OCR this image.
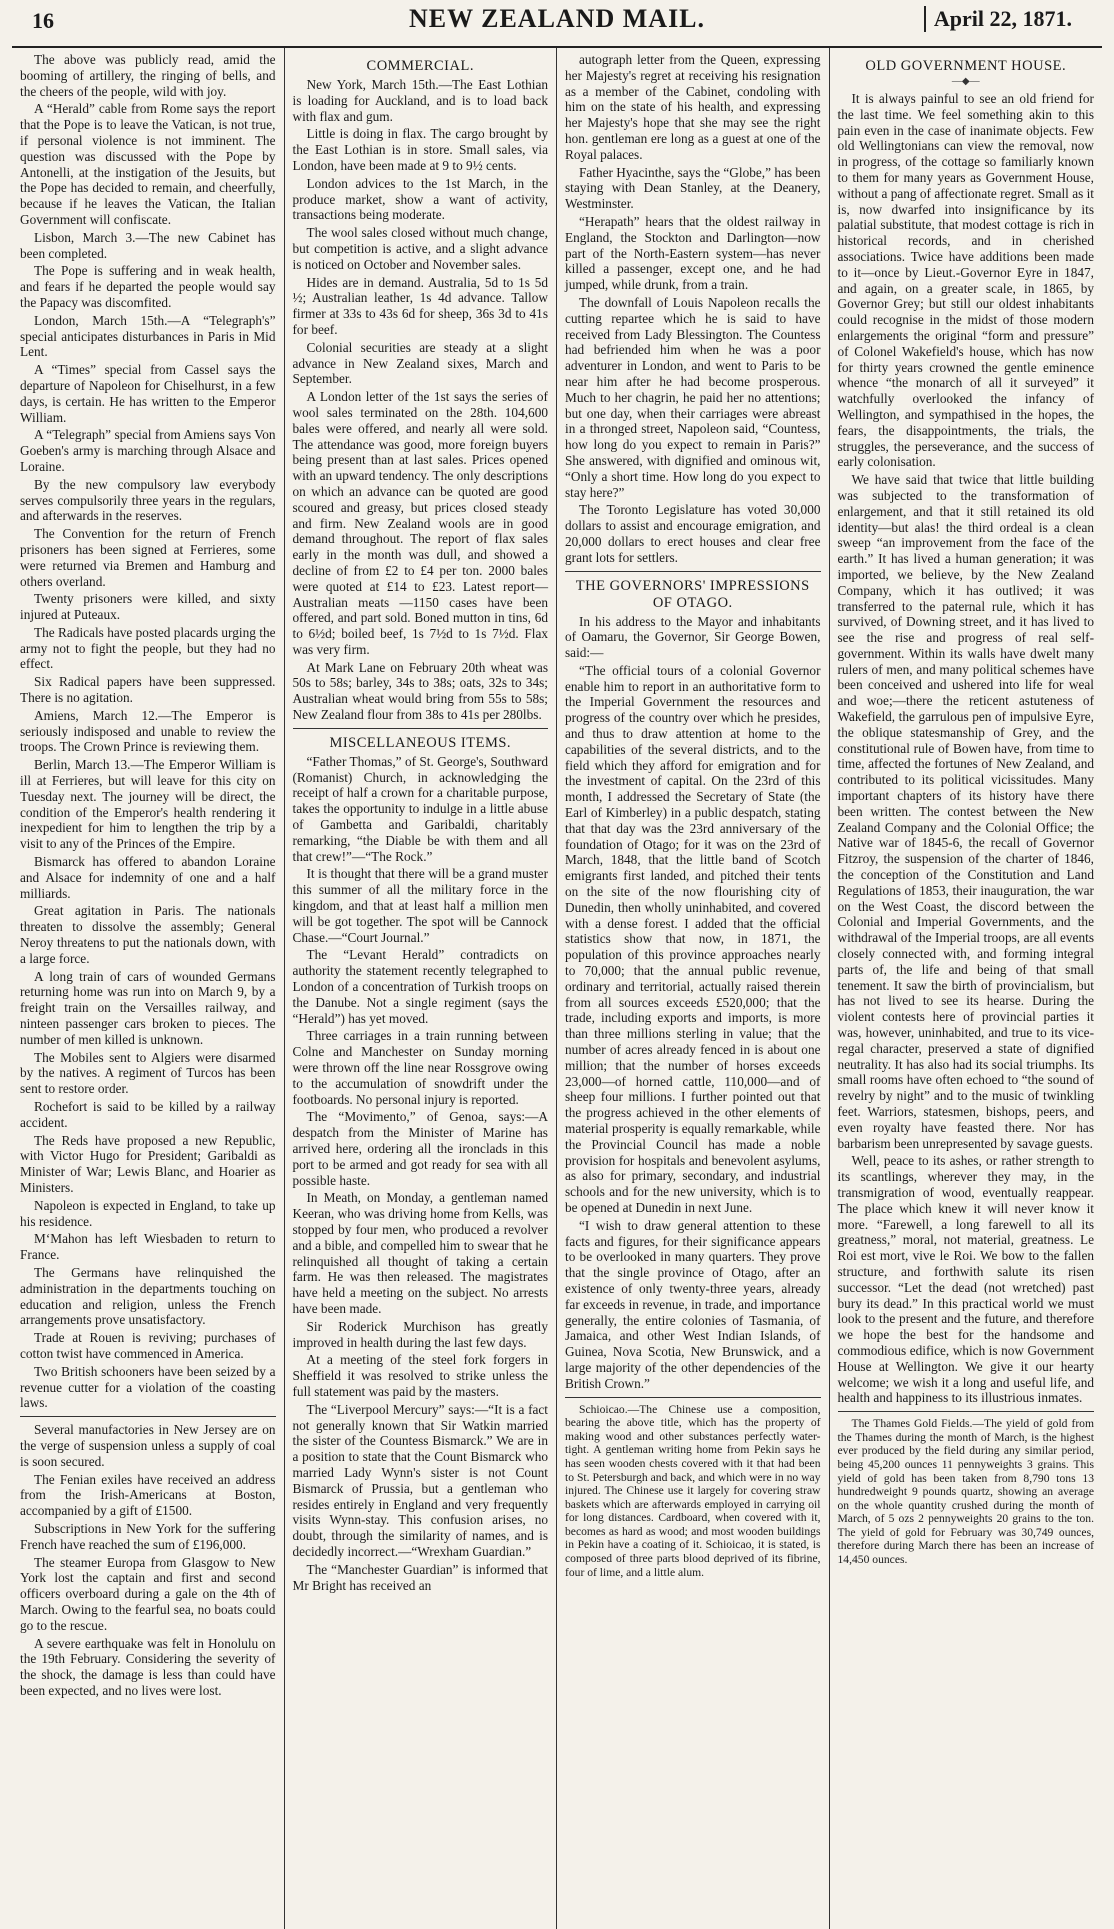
16	NEW ZEALAND MAIL.	April 22, 1871.

The above was publicly read, amid the booming of artillery, the ringing of bells, and the cheers of the people, wild with joy.

A “Herald” cable from Rome says the report that the Pope is to leave the Vatican, is not true, if personal violence is not imminent. The question was discussed with the Pope by Antonelli, at the instigation of the Jesuits, but the Pope has decided to remain, and cheerfully, because if he leaves the Vatican, the Italian Government will confiscate.

Lisbon, March 3.—The new Cabinet has been completed.

The Pope is suffering and in weak health, and fears if he departed the people would say the Papacy was discomfited.

London, March 15th.—A “Telegraph's” special anticipates disturbances in Paris in Mid Lent.

A “Times” special from Cassel says the departure of Napoleon for Chiselhurst, in a few days, is certain. He has written to the Emperor William.

A “Telegraph” special from Amiens says Von Goeben's army is marching through Alsace and Loraine.

By the new compulsory law everybody serves compulsorily three years in the regulars, and afterwards in the reserves.

The Convention for the return of French prisoners has been signed at Ferrieres, some were returned via Bremen and Hamburg and others overland.

Twenty prisoners were killed, and sixty injured at Puteaux.

The Radicals have posted placards urging the army not to fight the people, but they had no effect.

Six Radical papers have been suppressed. There is no agitation.

Amiens, March 12.—The Emperor is seriously indisposed and unable to review the troops. The Crown Prince is reviewing them.

Berlin, March 13.—The Emperor William is ill at Ferrieres, but will leave for this city on Tuesday next. The journey will be direct, the condition of the Emperor's health rendering it inexpedient for him to lengthen the trip by a visit to any of the Princes of the Empire.

Bismarck has offered to abandon Loraine and Alsace for indemnity of one and a half milliards.

Great agitation in Paris. The nationals threaten to dissolve the assembly; General Neroy threatens to put the nationals down, with a large force.

A long train of cars of wounded Germans returning home was run into on March 9, by a freight train on the Versailles railway, and ninteen passenger cars broken to pieces. The number of men killed is unknown.

The Mobiles sent to Algiers were disarmed by the natives. A regiment of Turcos has been sent to restore order.

Rochefort is said to be killed by a railway accident.

The Reds have proposed a new Republic, with Victor Hugo for President; Garibaldi as Minister of War; Lewis Blanc, and Hoarier as Ministers.

Napoleon is expected in England, to take up his residence.

M‘Mahon has left Wiesbaden to return to France.

The Germans have relinquished the administration in the departments touching on education and religion, unless the French arrangements prove unsatisfactory.

Trade at Rouen is reviving; purchases of cotton twist have commenced in America.

Two British schooners have been seized by a revenue cutter for a violation of the coasting laws.

Several manufactories in New Jersey are on the verge of suspension unless a supply of coal is soon secured.

The Fenian exiles have received an address from the Irish-Americans at Boston, accompanied by a gift of £1500.

Subscriptions in New York for the suffering French have reached the sum of £196,000.

The steamer Europa from Glasgow to New York lost the captain and first and second officers overboard during a gale on the 4th of March. Owing to the fearful sea, no boats could go to the rescue.

A severe earthquake was felt in Honolulu on the 19th February. Considering the severity of the shock, the damage is less than could have been expected, and no lives were lost.

COMMERCIAL.

New York, March 15th.—The East Lothian is loading for Auckland, and is to load back with flax and gum.

Little is doing in flax. The cargo brought by the East Lothian is in store. Small sales, via London, have been made at 9 to 9½ cents.

London advices to the 1st March, in the produce market, show a want of activity, transactions being moderate.

The wool sales closed without much change, but competition is active, and a slight advance is noticed on October and November sales.

Hides are in demand. Australia, 5d to 1s 5d ½; Australian leather, 1s 4d advance. Tallow firmer at 33s to 43s 6d for sheep, 36s 3d to 41s for beef.

Colonial securities are steady at a slight advance in New Zealand sixes, March and September.

A London letter of the 1st says the series of wool sales terminated on the 28th. 104,600 bales were offered, and nearly all were sold. The attendance was good, more foreign buyers being present than at last sales. Prices opened with an upward tendency. The only descriptions on which an advance can be quoted are good scoured and greasy, but prices closed steady and firm. New Zealand wools are in good demand throughout. The report of flax sales early in the month was dull, and showed a decline of from £2 to £4 per ton. 2000 bales were quoted at £14 to £23. Latest report—Australian meats —1150 cases have been offered, and part sold. Boned mutton in tins, 6d to 6½d; boiled beef, 1s 7½d to 1s 7½d. Flax was very firm.

At Mark Lane on February 20th wheat was 50s to 58s; barley, 34s to 38s; oats, 32s to 34s; Australian wheat would bring from 55s to 58s; New Zealand flour from 38s to 41s per 280lbs.

MISCELLANEOUS ITEMS.

“Father Thomas,” of St. George's, Southward (Romanist) Church, in acknowledging the receipt of half a crown for a charitable purpose, takes the opportunity to indulge in a little abuse of Gambetta and Garibaldi, charitably remarking, “the Diable be with them and all that crew!”—“The Rock.”

It is thought that there will be a grand muster this summer of all the military force in the kingdom, and that at least half a million men will be got together. The spot will be Cannock Chase.—“Court Journal.”

The “Levant Herald” contradicts on authority the statement recently telegraphed to London of a concentration of Turkish troops on the Danube. Not a single regiment (says the “Herald”) has yet moved.

Three carriages in a train running between Colne and Manchester on Sunday morning were thrown off the line near Rossgrove owing to the accumulation of snowdrift under the footboards. No personal injury is reported.

The “Movimento,” of Genoa, says:—A despatch from the Minister of Marine has arrived here, ordering all the ironclads in this port to be armed and got ready for sea with all possible haste.

In Meath, on Monday, a gentleman named Keeran, who was driving home from Kells, was stopped by four men, who produced a revolver and a bible, and compelled him to swear that he relinquished all thought of taking a certain farm. He was then released. The magistrates have held a meeting on the subject. No arrests have been made.

Sir Roderick Murchison has greatly improved in health during the last few days.

At a meeting of the steel fork forgers in Sheffield it was resolved to strike unless the full statement was paid by the masters.

The “Liverpool Mercury” says:—“It is a fact not generally known that Sir Watkin married the sister of the Countess Bismarck.” We are in a position to state that the Count Bismarck who married Lady Wynn's sister is not Count Bismarck of Prussia, but a gentleman who resides entirely in England and very frequently visits Wynn-stay. This confusion arises, no doubt, through the similarity of names, and is decidedly incorrect.—“Wrexham Guardian.”

The “Manchester Guardian” is informed that Mr Bright has received an

autograph letter from the Queen, expressing her Majesty's regret at receiving his resignation as a member of the Cabinet, condoling with him on the state of his health, and expressing her Majesty's hope that she may see the right hon. gentleman ere long as a guest at one of the Royal palaces.

Father Hyacinthe, says the “Globe,” has been staying with Dean Stanley, at the Deanery, Westminster.

“Herapath” hears that the oldest railway in England, the Stockton and Darlington—now part of the North-Eastern system—has never killed a passenger, except one, and he had jumped, while drunk, from a train.

The downfall of Louis Napoleon recalls the cutting repartee which he is said to have received from Lady Blessington. The Countess had befriended him when he was a poor adventurer in London, and went to Paris to be near him after he had become prosperous. Much to her chagrin, he paid her no attentions; but one day, when their carriages were abreast in a thronged street, Napoleon said, “Countess, how long do you expect to remain in Paris?” She answered, with dignified and ominous wit, “Only a short time. How long do you expect to stay here?”

The Toronto Legislature has voted 30,000 dollars to assist and encourage emigration, and 20,000 dollars to erect houses and clear free grant lots for settlers.

THE GOVERNORS' IMPRESSIONS OF OTAGO.

In his address to the Mayor and inhabitants of Oamaru, the Governor, Sir George Bowen, said:—

“The official tours of a colonial Governor enable him to report in an authoritative form to the Imperial Government the resources and progress of the country over which he presides, and thus to draw attention at home to the capabilities of the several districts, and to the field which they afford for emigration and for the investment of capital. On the 23rd of this month, I addressed the Secretary of State (the Earl of Kimberley) in a public despatch, stating that that day was the 23rd anniversary of the foundation of Otago; for it was on the 23rd of March, 1848, that the little band of Scotch emigrants first landed, and pitched their tents on the site of the now flourishing city of Dunedin, then wholly uninhabited, and covered with a dense forest. I added that the official statistics show that now, in 1871, the population of this province approaches nearly to 70,000; that the annual public revenue, ordinary and territorial, actually raised therein from all sources exceeds £520,000; that the trade, including exports and imports, is more than three millions sterling in value; that the number of acres already fenced in is about one million; that the number of horses exceeds 23,000—of horned cattle, 110,000—and of sheep four millions. I further pointed out that the progress achieved in the other elements of material prosperity is equally remarkable, while the Provincial Council has made a noble provision for hospitals and benevolent asylums, as also for primary, secondary, and industrial schools and for the new university, which is to be opened at Dunedin in next June.

“I wish to draw general attention to these facts and figures, for their significance appears to be overlooked in many quarters. They prove that the single province of Otago, after an existence of only twenty-three years, already far exceeds in revenue, in trade, and importance generally, the entire colonies of Tasmania, of Jamaica, and other West Indian Islands, of Guinea, Nova Scotia, New Brunswick, and a large majority of the other dependencies of the British Crown.”

Schioicao.—The Chinese use a composition, bearing the above title, which has the property of making wood and other substances perfectly water-tight. A gentleman writing home from Pekin says he has seen wooden chests covered with it that had been to St. Petersburgh and back, and which were in no way injured. The Chinese use it largely for covering straw baskets which are afterwards employed in carrying oil for long distances. Cardboard, when covered with it, becomes as hard as wood; and most wooden buildings in Pekin have a coating of it. Schioicao, it is stated, is composed of three parts blood deprived of its fibrine, four of lime, and a little alum.

OLD GOVERNMENT HOUSE.
—◆—

It is always painful to see an old friend for the last time. We feel something akin to this pain even in the case of inanimate objects. Few old Wellingtonians can view the removal, now in progress, of the cottage so familiarly known to them for many years as Government House, without a pang of affectionate regret. Small as it is, now dwarfed into insignificance by its palatial substitute, that modest cottage is rich in historical records, and in cherished associations. Twice have additions been made to it—once by Lieut.-Governor Eyre in 1847, and again, on a greater scale, in 1865, by Governor Grey; but still our oldest inhabitants could recognise in the midst of those modern enlargements the original “form and pressure” of Colonel Wakefield's house, which has now for thirty years crowned the gentle eminence whence “the monarch of all it surveyed” it watchfully overlooked the infancy of Wellington, and sympathised in the hopes, the fears, the disappointments, the trials, the struggles, the perseverance, and the success of early colonisation.

We have said that twice that little building was subjected to the transformation of enlargement, and that it still retained its old identity—but alas! the third ordeal is a clean sweep “an improvement from the face of the earth.” It has lived a human generation; it was imported, we believe, by the New Zealand Company, which it has outlived; it was transferred to the paternal rule, which it has survived, of Downing street, and it has lived to see the rise and progress of real self-government. Within its walls have dwelt many rulers of men, and many political schemes have been conceived and ushered into life for weal and woe;—there the reticent astuteness of Wakefield, the garrulous pen of impulsive Eyre, the oblique statesmanship of Grey, and the constitutional rule of Bowen have, from time to time, affected the fortunes of New Zealand, and contributed to its political vicissitudes. Many important chapters of its history have there been written. The contest between the New Zealand Company and the Colonial Office; the Native war of 1845-6, the recall of Governor Fitzroy, the suspension of the charter of 1846, the conception of the Constitution and Land Regulations of 1853, their inauguration, the war on the West Coast, the discord between the Colonial and Imperial Governments, and the withdrawal of the Imperial troops, are all events closely connected with, and forming integral parts of, the life and being of that small tenement. It saw the birth of provincialism, but has not lived to see its hearse. During the violent contests here of provincial parties it was, however, uninhabited, and true to its vice-regal character, preserved a state of dignified neutrality. It has also had its social triumphs. Its small rooms have often echoed to “the sound of revelry by night” and to the music of twinkling feet. Warriors, statesmen, bishops, peers, and even royalty have feasted there. Nor has barbarism been unrepresented by savage guests.

Well, peace to its ashes, or rather strength to its scantlings, wherever they may, in the transmigration of wood, eventually reappear. The place which knew it will never know it more. “Farewell, a long farewell to all its greatness,” moral, not material, greatness. Le Roi est mort, vive le Roi. We bow to the fallen structure, and forthwith salute its risen successor. “Let the dead (not wretched) past bury its dead.” In this practical world we must look to the present and the future, and therefore we hope the best for the handsome and commodious edifice, which is now Government House at Wellington. We give it our hearty welcome; we wish it a long and useful life, and health and happiness to its illustrious inmates.

The Thames Gold Fields.—The yield of gold from the Thames during the month of March, is the highest ever produced by the field during any similar period, being 45,200 ounces 11 pennyweights 3 grains. This yield of gold has been taken from 8,790 tons 13 hundredweight 9 pounds quartz, showing an average on the whole quantity crushed during the month of March, of 5 ozs 2 pennyweights 20 grains to the ton. The yield of gold for February was 30,749 ounces, therefore during March there has been an increase of 14,450 ounces.
